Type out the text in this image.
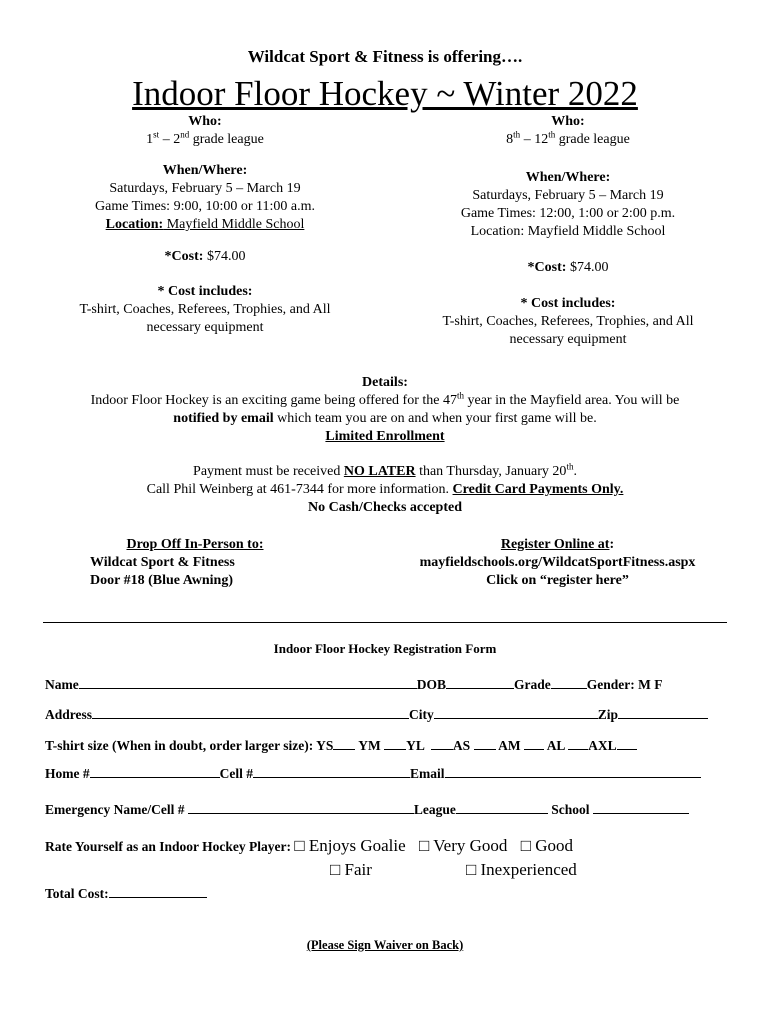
Wildcat Sport & Fitness is offering….
Indoor Floor Hockey ~ Winter 2022
Who:
1st – 2nd grade league
When/Where:
Saturdays, February 5 – March 19
Game Times: 9:00, 10:00 or 11:00 a.m.
Location: Mayfield Middle School
*Cost: $74.00
* Cost includes:
T-shirt, Coaches, Referees, Trophies, and All necessary equipment
Who:
8th – 12th grade league
When/Where:
Saturdays, February 5 – March 19
Game Times: 12:00, 1:00 or 2:00 p.m.
Location: Mayfield Middle School
*Cost: $74.00
* Cost includes:
T-shirt, Coaches, Referees, Trophies, and All necessary equipment
Details:
Indoor Floor Hockey is an exciting game being offered for the 47th year in the Mayfield area. You will be
notified by email which team you are on and when your first game will be.
Limited Enrollment
Payment must be received NO LATER than Thursday, January 20th.
Call Phil Weinberg at 461-7344 for more information. Credit Card Payments Only.
No Cash/Checks accepted
Drop Off In-Person to:
Wildcat Sport & Fitness
Door #18 (Blue Awning)
Register Online at:
mayfieldschools.org/WildcatSportFitness.aspx
Click on “register here”
Indoor Floor Hockey Registration Form
Name	DOB	Grade	Gender: M F
Address	City	Zip
T-shirt size (When in doubt, order larger size): YS YM YL AS AM AL AXL
Home #	Cell #	Email
Emergency Name/Cell #	League	School
Rate Yourself as an Indoor Hockey Player: □ Enjoys Goalie □ Very Good □ Good
□ Fair	□ Inexperienced
Total Cost:
(Please Sign Waiver on Back)
